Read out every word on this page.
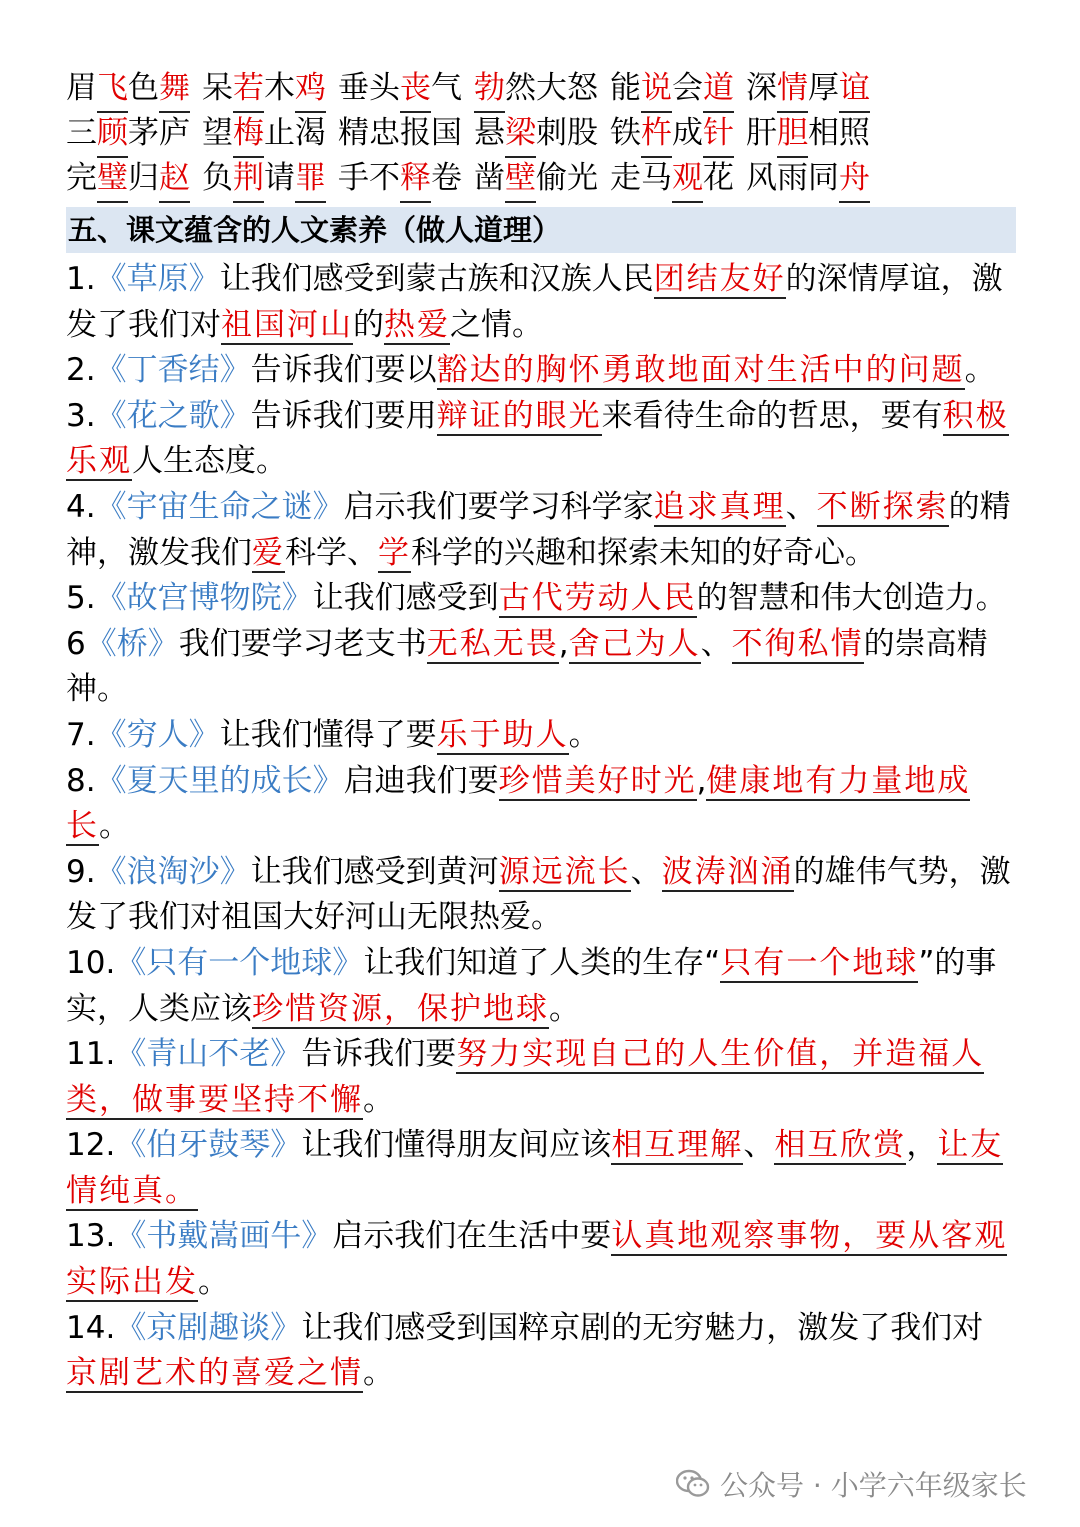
眉飞色舞 呆若木鸡 垂头丧气 勃然大怒 能说会道 深情厚谊
三顾茅庐 望梅止渴 精忠报国 悬梁刺股 铁杵成针 肝胆相照
完璧归赵 负荆请罪 手不释卷 凿壁偷光 走马观花 风雨同舟
五、课文蕴含的人文素养（做人道理）
1.《草原》让我们感受到蒙古族和汉族人民团结友好的深情厚谊，激发了我们对祖国河山的热爱之情。
2.《丁香结》告诉我们要以豁达的胸怀勇敢地面对生活中的问题。
3.《花之歌》告诉我们要用辩证的眼光来看待生命的哲思，要有积极乐观人生态度。
4.《宇宙生命之谜》启示我们要学习科学家追求真理、不断探索的精神，激发我们爱科学、学科学的兴趣和探索未知的好奇心。
5.《故宫博物院》让我们感受到古代劳动人民的智慧和伟大创造力。
6《桥》我们要学习老支书无私无畏,舍己为人、不徇私情的崇高精神。
7.《穷人》让我们懂得了要乐于助人。
8.《夏天里的成长》启迪我们要珍惜美好时光,健康地有力量地成长。
9.《浪淘沙》让我们感受到黄河源远流长、波涛汹涌的雄伟气势，激发了我们对祖国大好河山无限热爱。
10.《只有一个地球》让我们知道了人类的生存“只有一个地球”的事实，人类应该珍惜资源，保护地球。
11.《青山不老》告诉我们要努力实现自己的人生价值，并造福人类，做事要坚持不懈。
12.《伯牙鼓琴》让我们懂得朋友间应该相互理解、相互欣赏，让友情纯真。
13.《书戴嵩画牛》启示我们在生活中要认真地观察事物，要从客观实际出发。
14.《京剧趣谈》让我们感受到国粹京剧的无穷魅力，激发了我们对京剧艺术的喜爱之情。
公众号 · 小学六年级家长
